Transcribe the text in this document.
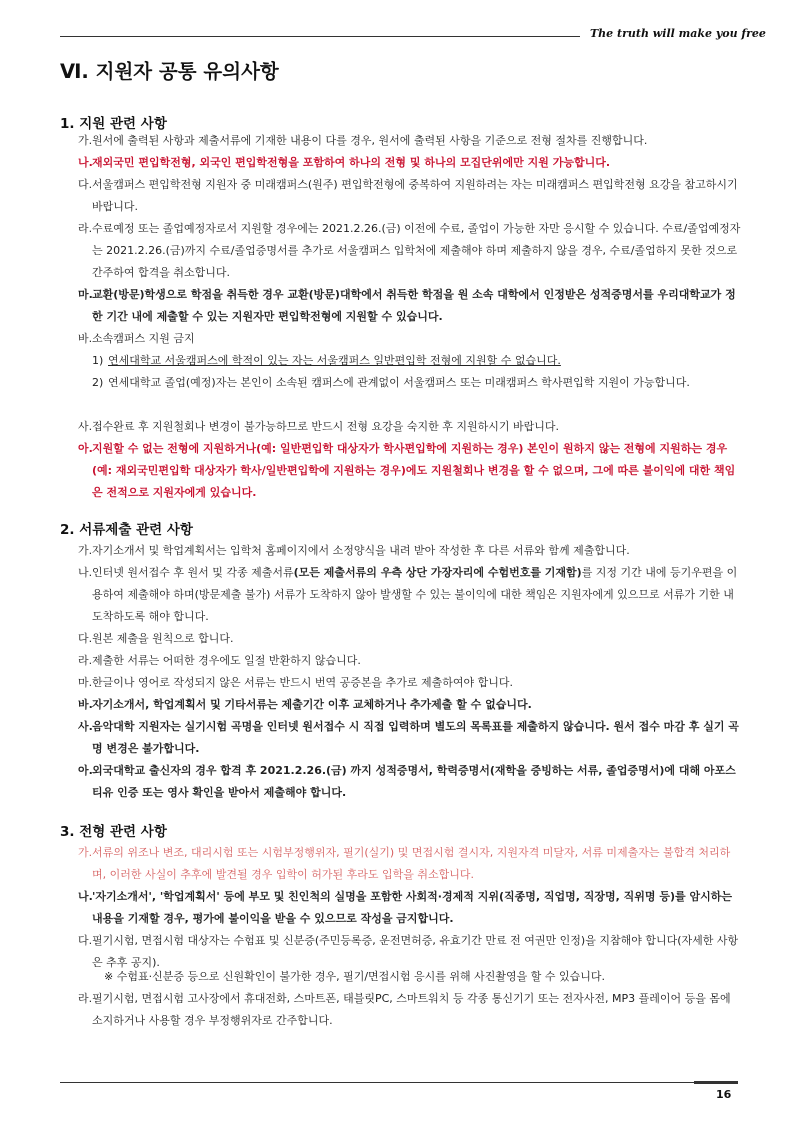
The truth will make you free
Ⅵ. 지원자 공통 유의사항
1. 지원 관련 사항
가. 원서에 출력된 사항과 제출서류에 기재한 내용이 다를 경우, 원서에 출력된 사항을 기준으로 전형 절차를 진행합니다.
나. 재외국민 편입학전형, 외국인 편입학전형을 포함하여 하나의 전형 및 하나의 모집단위에만 지원 가능합니다.
다. 서울캠퍼스 편입학전형 지원자 중 미래캠퍼스(원주) 편입학전형에 중복하여 지원하려는 자는 미래캠퍼스 편입학전형 요강을 참고하시기 바랍니다.
라. 수료예정 또는 졸업예정자로서 지원할 경우에는 2021.2.26.(금) 이전에 수료, 졸업이 가능한 자만 응시할 수 있습니다. 수료/졸업예정자는 2021.2.26.(금)까지 수료/졸업증명서를 추가로 서울캠퍼스 입학처에 제출해야 하며 제출하지 않을 경우, 수료/졸업하지 못한 것으로 간주하여 합격을 취소합니다.
마. 교환(방문)학생으로 학점을 취득한 경우 교환(방문)대학에서 취득한 학점을 원 소속 대학에서 인정받은 성적증명서를 우리대학교가 정한 기간 내에 제출할 수 있는 지원자만 편입학전형에 지원할 수 있습니다.
바. 소속캠퍼스 지원 금지
1) 연세대학교 서울캠퍼스에 학적이 있는 자는 서울캠퍼스 일반편입학 전형에 지원할 수 없습니다.
2) 연세대학교 졸업(예정)자는 본인이 소속된 캠퍼스에 관계없이 서울캠퍼스 또는 미래캠퍼스 학사편입학 지원이 가능합니다.
사. 접수완료 후 지원철회나 변경이 불가능하므로 반드시 전형 요강을 숙지한 후 지원하시기 바랍니다.
아. 지원할 수 없는 전형에 지원하거나(예: 일반편입학 대상자가 학사편입학에 지원하는 경우) 본인이 원하지 않는 전형에 지원하는 경우(예: 재외국민편입학 대상자가 학사/일반편입학에 지원하는 경우)에도 지원철회나 변경을 할 수 없으며, 그에 따른 불이익에 대한 책임은 전적으로 지원자에게 있습니다.
2. 서류제출 관련 사항
가. 자기소개서 및 학업계획서는 입학처 홈페이지에서 소정양식을 내려 받아 작성한 후 다른 서류와 함께 제출합니다.
나. 인터넷 원서접수 후 원서 및 각종 제출서류(모든 제출서류의 우측 상단 가장자리에 수험번호를 기재함)를 지정 기간 내에 등기우편을 이용하여 제출해야 하며(방문제출 불가) 서류가 도착하지 않아 발생할 수 있는 불이익에 대한 책임은 지원자에게 있으므로 서류가 기한 내 도착하도록 해야 합니다.
다. 원본 제출을 원칙으로 합니다.
라. 제출한 서류는 어떠한 경우에도 일절 반환하지 않습니다.
마. 한글이나 영어로 작성되지 않은 서류는 반드시 번역 공증본을 추가로 제출하여야 합니다.
바. 자기소개서, 학업계획서 및 기타서류는 제출기간 이후 교체하거나 추가제출 할 수 없습니다.
사. 음악대학 지원자는 실기시험 곡명을 인터넷 원서접수 시 직접 입력하며 별도의 목록표를 제출하지 않습니다. 원서 접수 마감 후 실기 곡명 변경은 불가합니다.
아. 외국대학교 출신자의 경우 합격 후 2021.2.26.(금) 까지 성적증명서, 학력증명서(재학을 증빙하는 서류, 졸업증명서)에 대해 아포스티유 인증 또는 영사 확인을 받아서 제출해야 합니다.
3. 전형 관련 사항
가. 서류의 위조나 변조, 대리시험 또는 시험부정행위자, 필기(실기) 및 면접시험 결시자, 지원자격 미달자, 서류 미제출자는 불합격 처리하며, 이러한 사실이 추후에 발견될 경우 입학이 허가된 후라도 입학을 취소합니다.
나. '자기소개서', '학업계획서' 등에 부모 및 친인척의 실명을 포함한 사회적·경제적 지위(직종명, 직업명, 직장명, 직위명 등)를 암시하는 내용을 기재할 경우, 평가에 불이익을 받을 수 있으므로 작성을 금지합니다.
다. 필기시험, 면접시험 대상자는 수험표 및 신분증(주민등록증, 운전면허증, 유효기간 만료 전 여권만 인정)을 지참해야 합니다(자세한 사항은 추후 공지).
※ 수험표·신분증 등으로 신원확인이 불가한 경우, 필기/면접시험 응시를 위해 사진촬영을 할 수 있습니다.
라. 필기시험, 면접시험 고사장에서 휴대전화, 스마트폰, 태블릿PC, 스마트워치 등 각종 통신기기 또는 전자사전, MP3 플레이어 등을 몸에 소지하거나 사용할 경우 부정행위자로 간주합니다.
16
